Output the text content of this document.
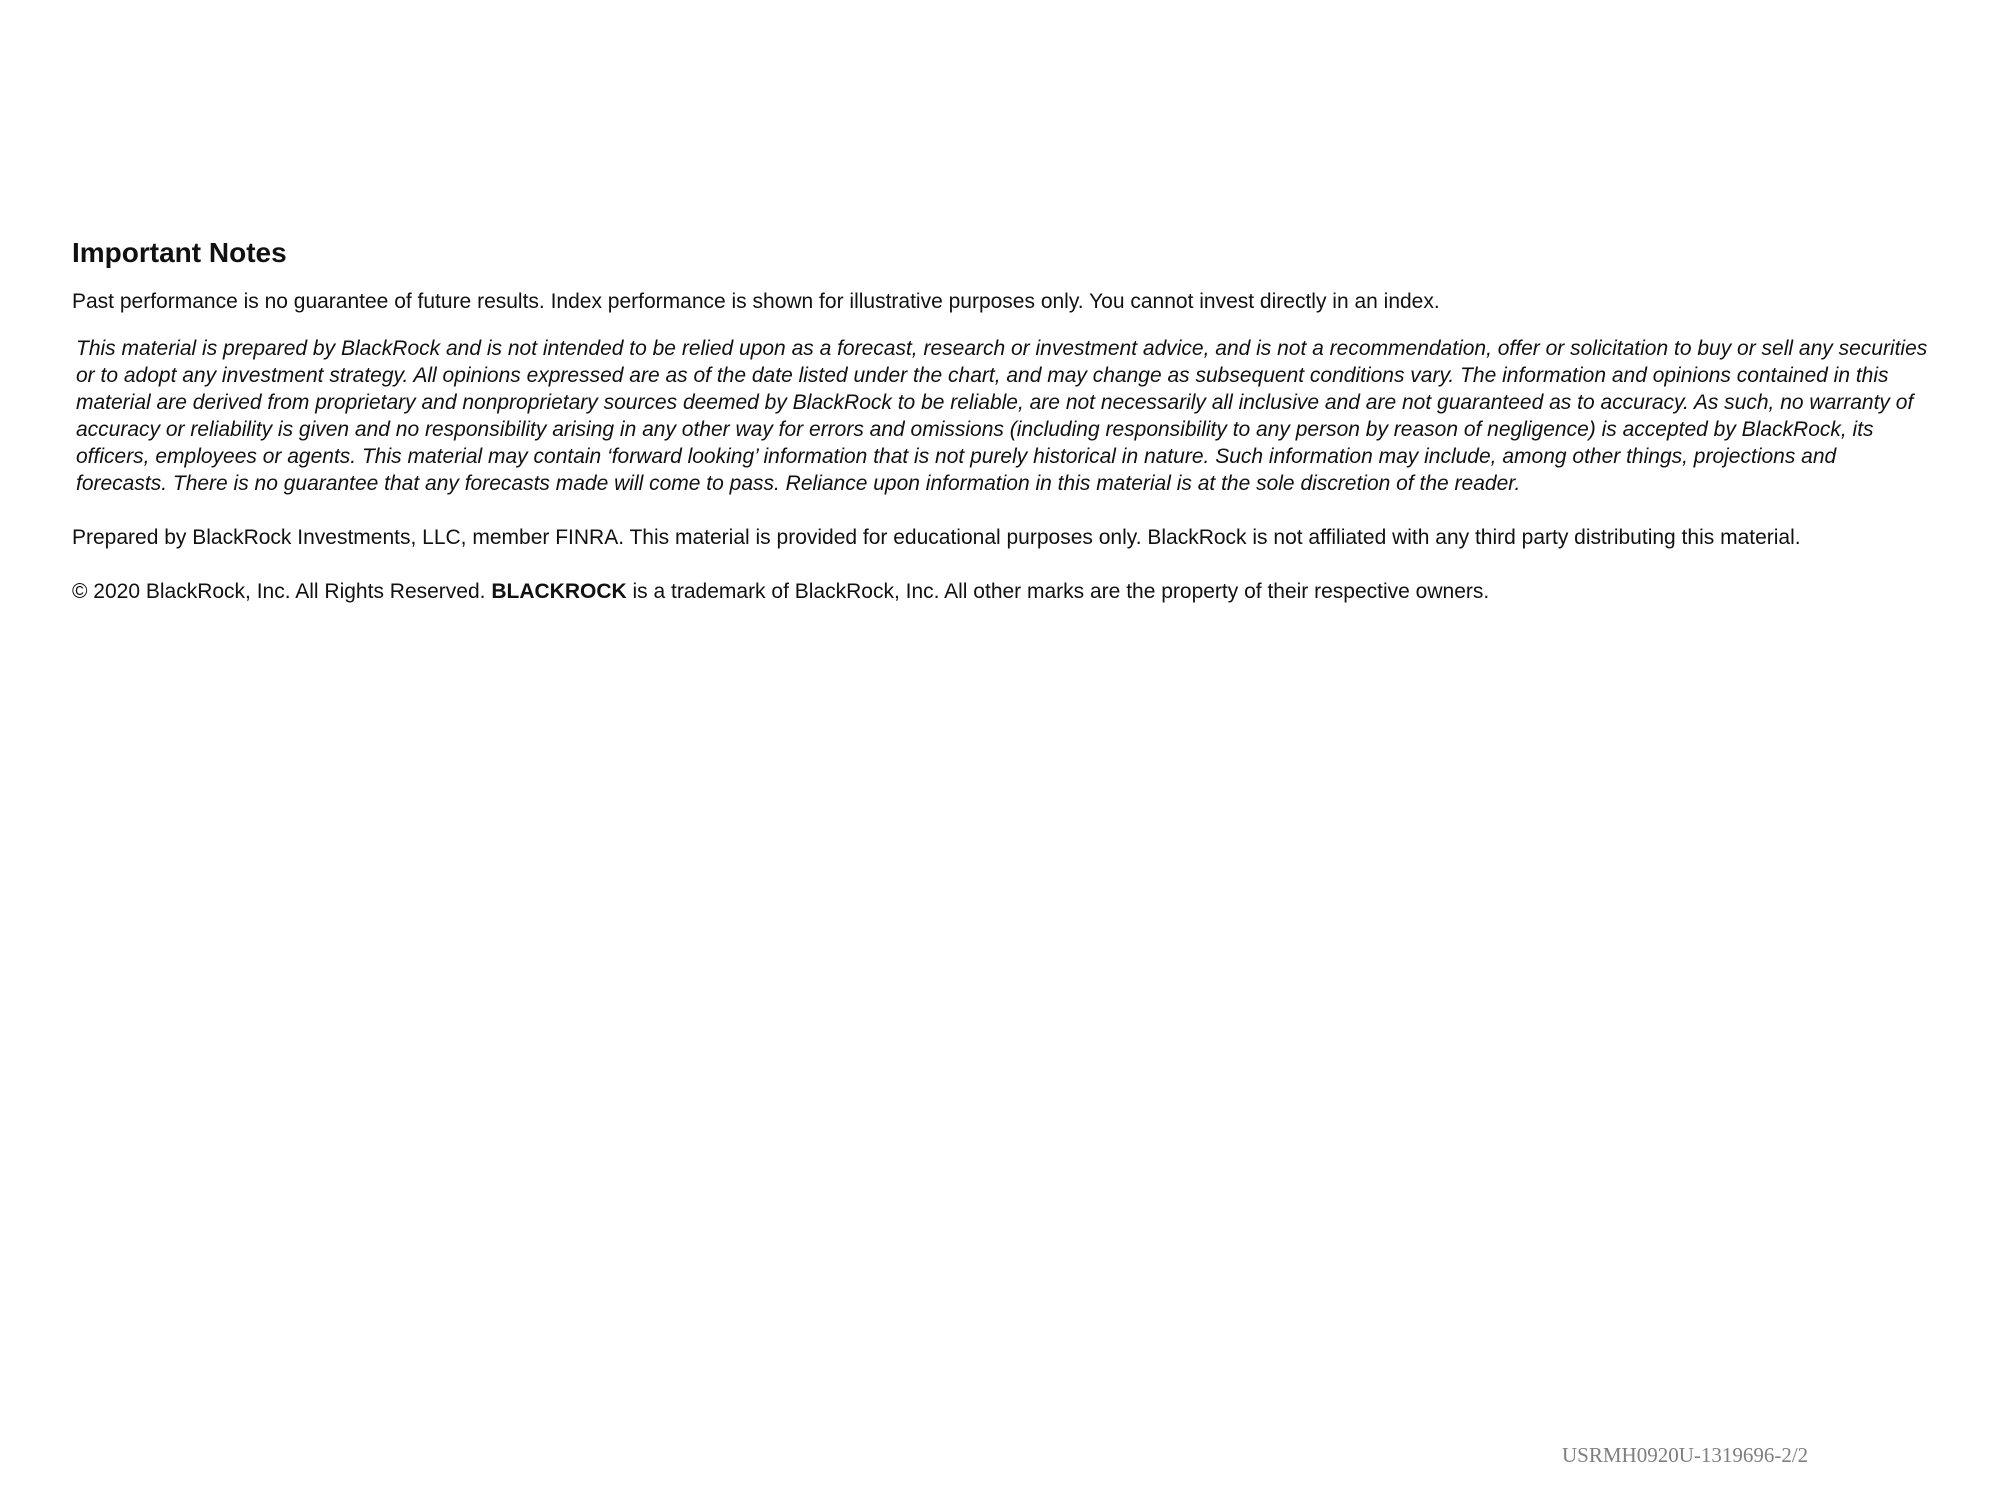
Important Notes

Past performance is no guarantee of future results. Index performance is shown for illustrative purposes only. You cannot invest directly in an index.

This material is prepared by BlackRock and is not intended to be relied upon as a forecast, research or investment advice, and is not a recommendation, offer or solicitation to buy or sell any securities or to adopt any investment strategy. All opinions expressed are as of the date listed under the chart, and may change as subsequent conditions vary. The information and opinions contained in this material are derived from proprietary and nonproprietary sources deemed by BlackRock to be reliable, are not necessarily all inclusive and are not guaranteed as to accuracy. As such, no warranty of accuracy or reliability is given and no responsibility arising in any other way for errors and omissions (including responsibility to any person by reason of negligence) is accepted by BlackRock, its officers, employees or agents. This material may contain ‘forward looking’ information that is not purely historical in nature. Such information may include, among other things, projections and forecasts. There is no guarantee that any forecasts made will come to pass. Reliance upon information in this material is at the sole discretion of the reader.

Prepared by BlackRock Investments, LLC, member FINRA. This material is provided for educational purposes only. BlackRock is not affiliated with any third party distributing this material.

© 2020 BlackRock, Inc. All Rights Reserved. BLACKROCK is a trademark of BlackRock, Inc. All other marks are the property of their respective owners.

USRMH0920U-1319696-2/2
